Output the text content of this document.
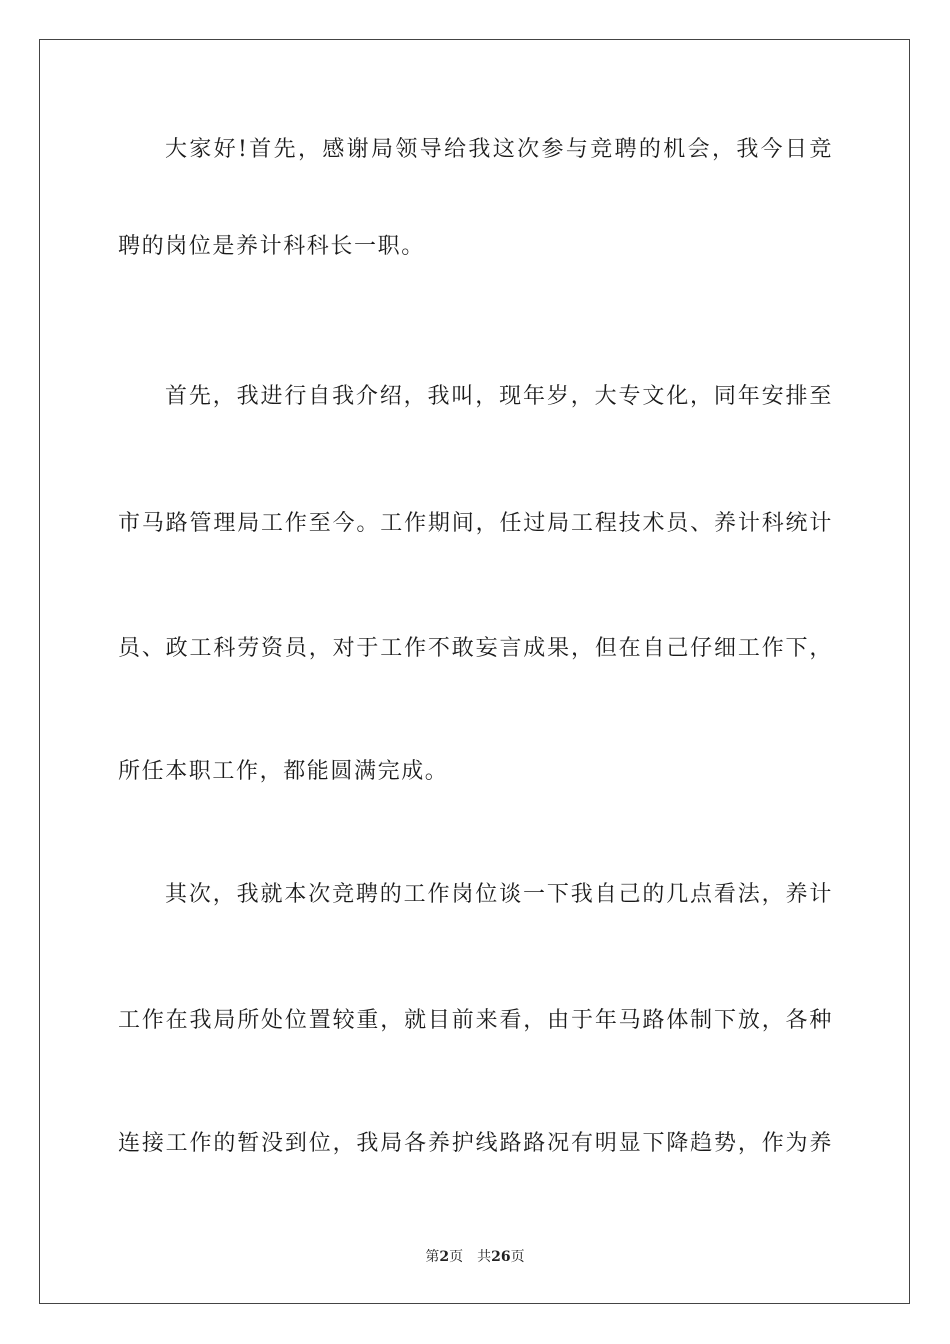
大家好!首先，感谢局领导给我这次参与竞聘的机会，我今日竞
聘的岗位是养计科科长一职。
首先，我进行自我介绍，我叫，现年岁，大专文化，同年安排至
市马路管理局工作至今。工作期间，任过局工程技术员、养计科统计
员、政工科劳资员，对于工作不敢妄言成果，但在自己仔细工作下，
所任本职工作，都能圆满完成。
其次，我就本次竞聘的工作岗位谈一下我自己的几点看法，养计
工作在我局所处位置较重，就目前来看，由于年马路体制下放，各种
连接工作的暂没到位，我局各养护线路路况有明显下降趋势，作为养
第2页 共26页
